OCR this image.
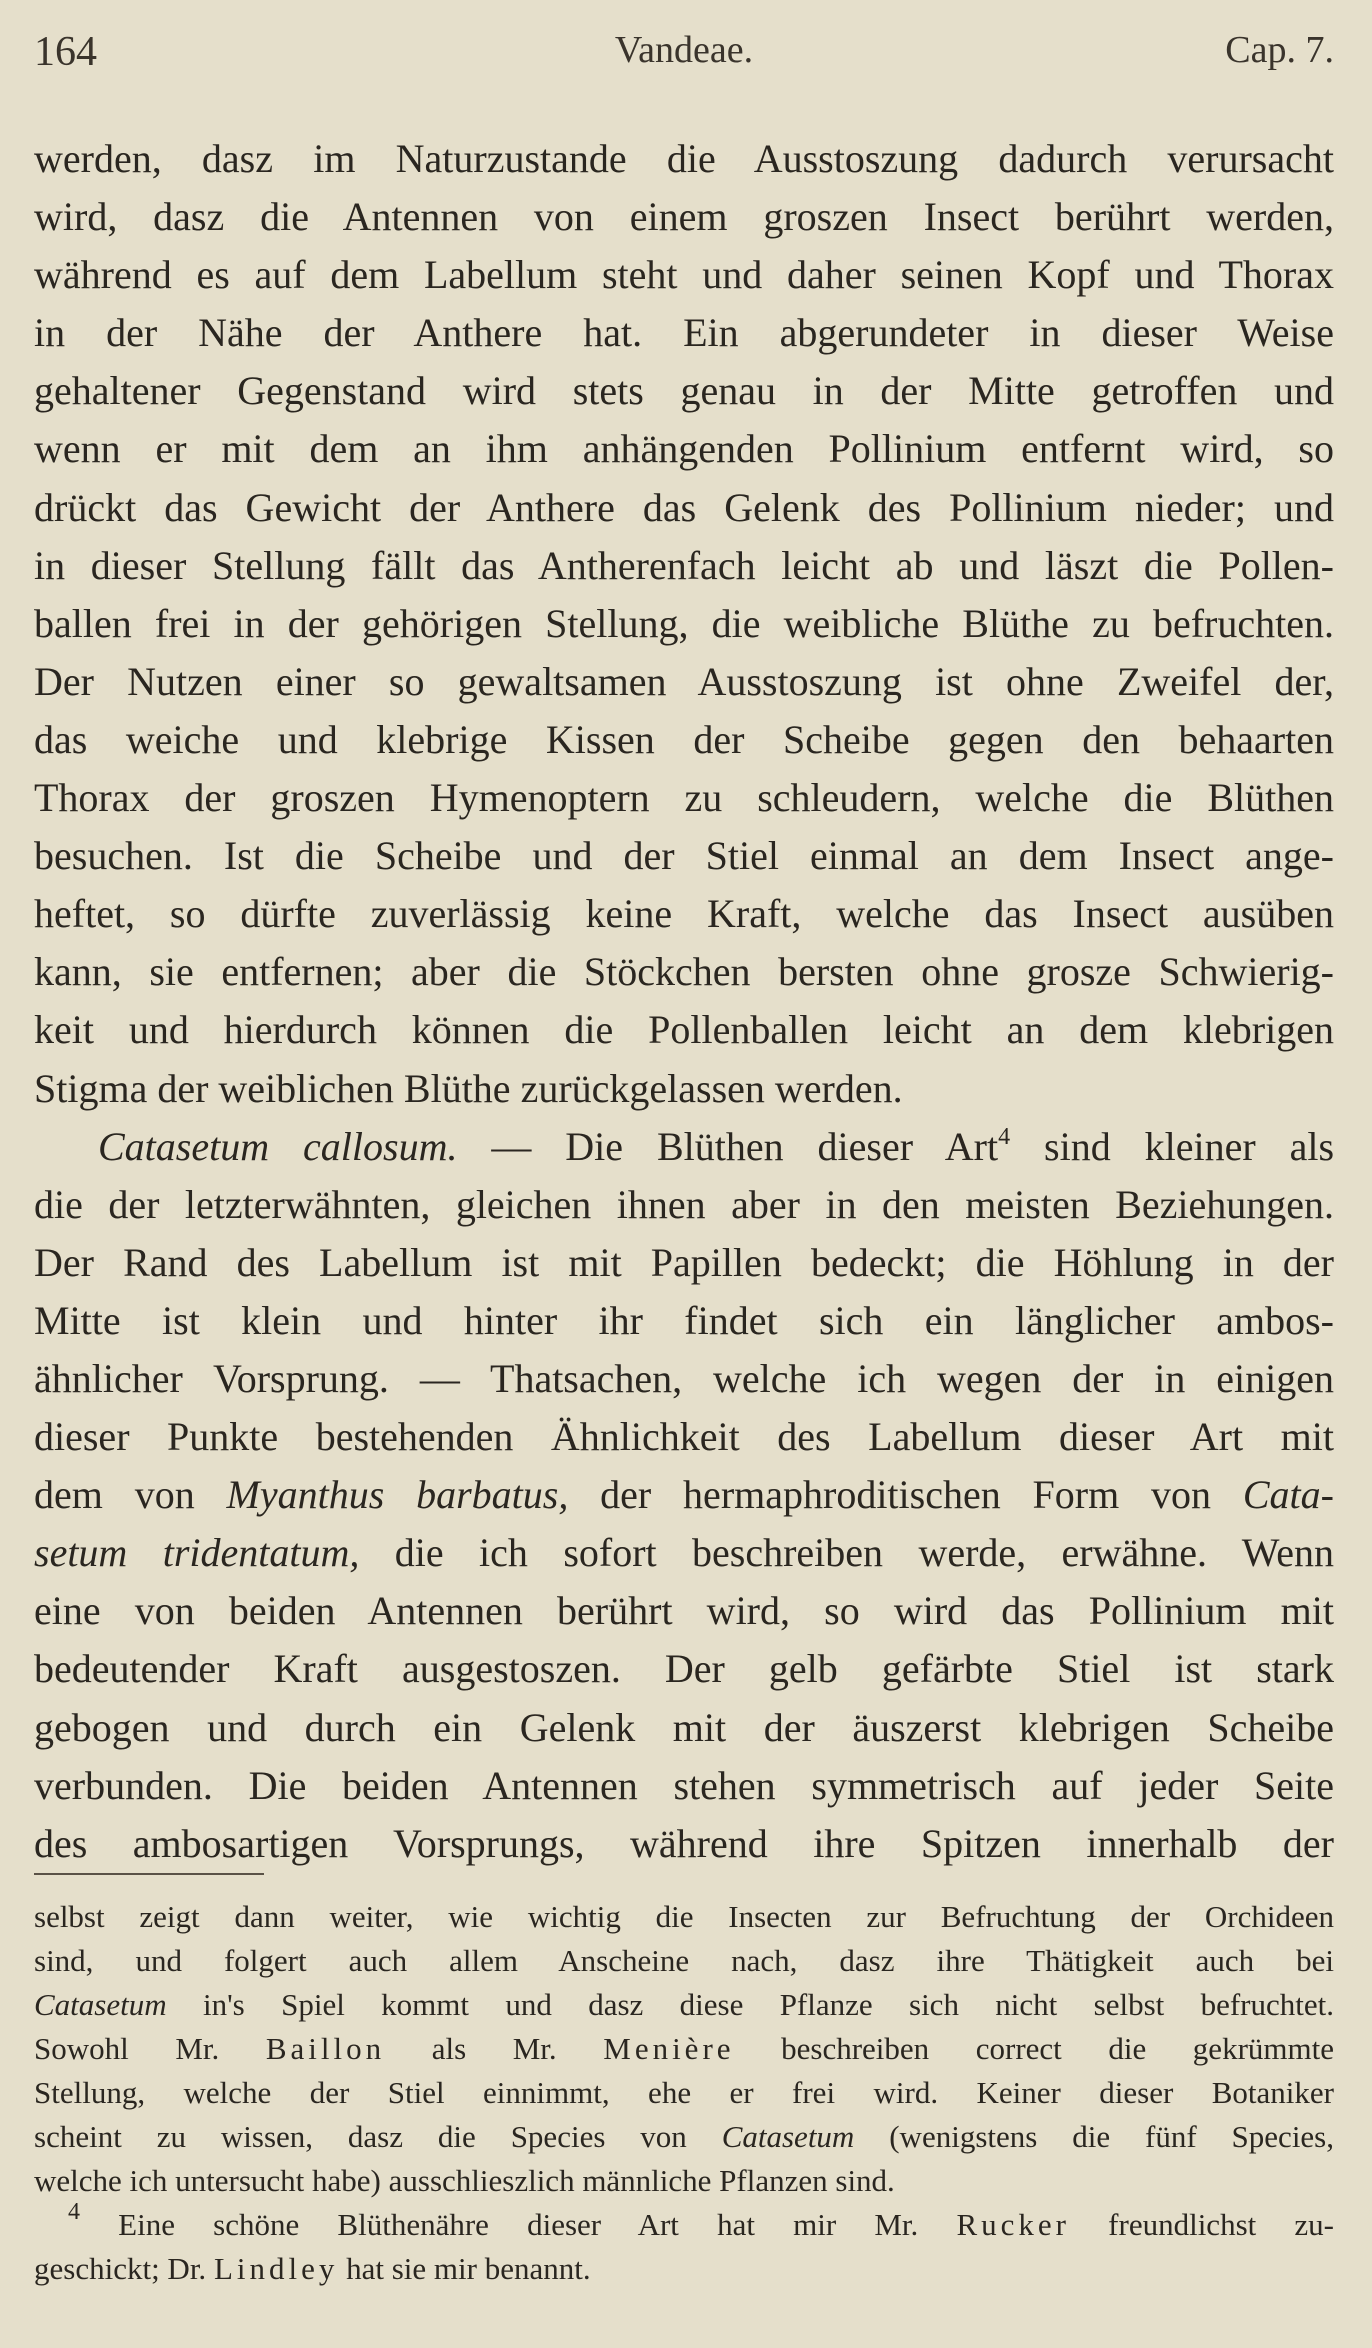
164	Vandeae.	Cap. 7.
werden, dasz im Naturzustande die Ausstoszung dadurch verursacht
wird, dasz die Antennen von einem groszen Insect berührt werden,
während es auf dem Labellum steht und daher seinen Kopf und Thorax
in der Nähe der Anthere hat. Ein abgerundeter in dieser Weise
gehaltener Gegenstand wird stets genau in der Mitte getroffen und
wenn er mit dem an ihm anhängenden Pollinium entfernt wird, so
drückt das Gewicht der Anthere das Gelenk des Pollinium nieder; und
in dieser Stellung fällt das Antherenfach leicht ab und läszt die Pollen-
ballen frei in der gehörigen Stellung, die weibliche Blüthe zu befruchten.
Der Nutzen einer so gewaltsamen Ausstoszung ist ohne Zweifel der,
das weiche und klebrige Kissen der Scheibe gegen den behaarten
Thorax der groszen Hymenoptern zu schleudern, welche die Blüthen
besuchen. Ist die Scheibe und der Stiel einmal an dem Insect ange-
heftet, so dürfte zuverlässig keine Kraft, welche das Insect ausüben
kann, sie entfernen; aber die Stöckchen bersten ohne grosze Schwierig-
keit und hierdurch können die Pollenballen leicht an dem klebrigen
Stigma der weiblichen Blüthe zurückgelassen werden.
Catasetum callosum. — Die Blüthen dieser Art$^4$ sind kleiner als
die der letzterwähnten, gleichen ihnen aber in den meisten Beziehungen.
Der Rand des Labellum ist mit Papillen bedeckt; die Höhlung in der
Mitte ist klein und hinter ihr findet sich ein länglicher ambos-
ähnlicher Vorsprung. — Thatsachen, welche ich wegen der in einigen
dieser Punkte bestehenden Ähnlichkeit des Labellum dieser Art mit
dem von Myanthus barbatus, der hermaphroditischen Form von Cata-
setum tridentatum, die ich sofort beschreiben werde, erwähne. Wenn
eine von beiden Antennen berührt wird, so wird das Pollinium mit
bedeutender Kraft ausgestoszen. Der gelb gefärbte Stiel ist stark
gebogen und durch ein Gelenk mit der äuszerst klebrigen Scheibe
verbunden. Die beiden Antennen stehen symmetrisch auf jeder Seite
des ambosartigen Vorsprungs, während ihre Spitzen innerhalb der
selbst zeigt dann weiter, wie wichtig die Insecten zur Befruchtung der Orchideen
sind, und folgert auch allem Anscheine nach, dasz ihre Thätigkeit auch bei
Catasetum in's Spiel kommt und dasz diese Pflanze sich nicht selbst befruchtet.
Sowohl Mr. Baillon als Mr. Menière beschreiben correct die gekrümmte
Stellung, welche der Stiel einnimmt, ehe er frei wird. Keiner dieser Botaniker
scheint zu wissen, dasz die Species von Catasetum (wenigstens die fünf Species,
welche ich untersucht habe) ausschlieszlich männliche Pflanzen sind.
$^4$ Eine schöne Blüthenähre dieser Art hat mir Mr. Rucker freundlichst zu-
geschickt; Dr. Lindley hat sie mir benannt.
